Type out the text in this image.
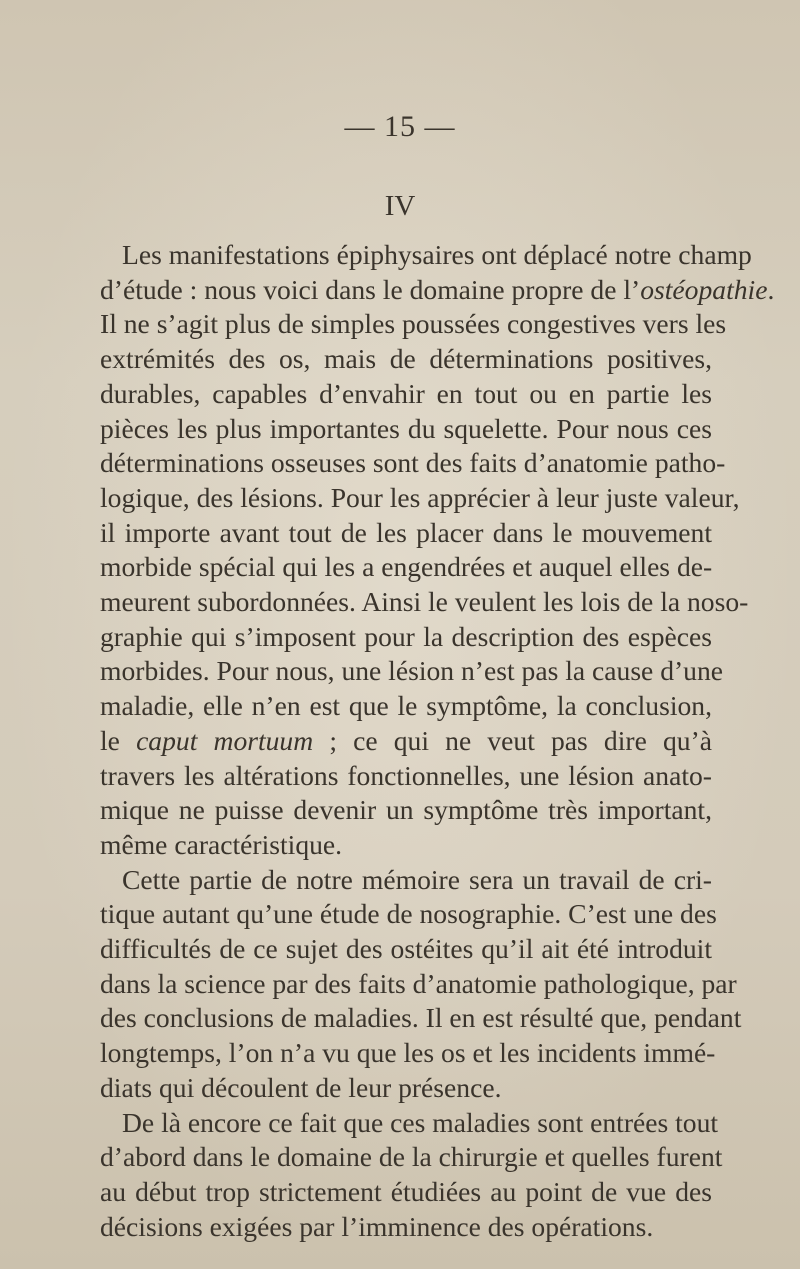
— 15 —
IV

Les manifestations épiphysaires ont déplacé notre champ
d’étude : nous voici dans le domaine propre de l’ostéopathie.
Il ne s’agit plus de simples poussées congestives vers les
extrémités des os, mais de déterminations positives,
durables, capables d’envahir en tout ou en partie les
pièces les plus importantes du squelette. Pour nous ces
déterminations osseuses sont des faits d’anatomie patho-
logique, des lésions. Pour les apprécier à leur juste valeur,
il importe avant tout de les placer dans le mouvement
morbide spécial qui les a engendrées et auquel elles de-
meurent subordonnées. Ainsi le veulent les lois de la noso-
graphie qui s’imposent pour la description des espèces
morbides. Pour nous, une lésion n’est pas la cause d’une
maladie, elle n’en est que le symptôme, la conclusion,
le caput mortuum ; ce qui ne veut pas dire qu’à
travers les altérations fonctionnelles, une lésion anato-
mique ne puisse devenir un symptôme très important,
même caractéristique.

Cette partie de notre mémoire sera un travail de cri-
tique autant qu’une étude de nosographie. C’est une des
difficultés de ce sujet des ostéites qu’il ait été introduit
dans la science par des faits d’anatomie pathologique, par
des conclusions de maladies. Il en est résulté que, pendant
longtemps, l’on n’a vu que les os et les incidents immé-
diats qui découlent de leur présence.

De là encore ce fait que ces maladies sont entrées tout
d’abord dans le domaine de la chirurgie et quelles furent
au début trop strictement étudiées au point de vue des
décisions exigées par l’imminence des opérations.
